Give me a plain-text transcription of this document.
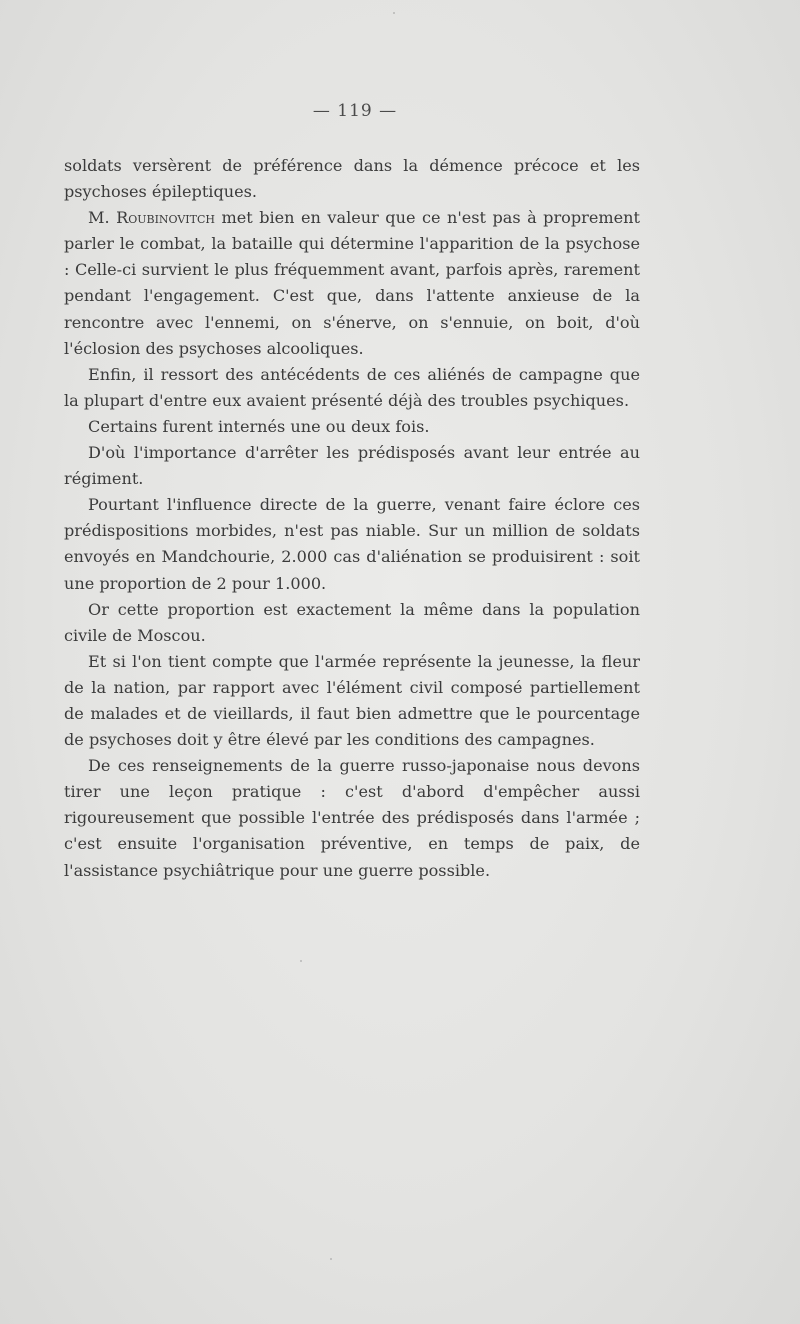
— 119 —

soldats versèrent de préférence dans la démence précoce et les psychoses épileptiques.

M. Roubinovitch met bien en valeur que ce n'est pas à proprement parler le combat, la bataille qui détermine l'apparition de la psychose : Celle-ci survient le plus fréquemment avant, parfois après, rarement pendant l'engagement. C'est que, dans l'attente anxieuse de la rencontre avec l'ennemi, on s'énerve, on s'ennuie, on boit, d'où l'éclosion des psychoses alcooliques.

Enfin, il ressort des antécédents de ces aliénés de campagne que la plupart d'entre eux avaient présenté déjà des troubles psychiques.

Certains furent internés une ou deux fois.

D'où l'importance d'arrêter les prédisposés avant leur entrée au régiment.

Pourtant l'influence directe de la guerre, venant faire éclore ces prédispositions morbides, n'est pas niable. Sur un million de soldats envoyés en Mandchourie, 2.000 cas d'aliénation se produisirent : soit une proportion de 2 pour 1.000.

Or cette proportion est exactement la même dans la population civile de Moscou.

Et si l'on tient compte que l'armée représente la jeunesse, la fleur de la nation, par rapport avec l'élément civil composé partiellement de malades et de vieillards, il faut bien admettre que le pourcentage de psychoses doit y être élevé par les conditions des campagnes.

De ces renseignements de la guerre russo-japonaise nous devons tirer une leçon pratique : c'est d'abord d'empêcher aussi rigoureusement que possible l'entrée des prédisposés dans l'armée ; c'est ensuite l'organisation préventive, en temps de paix, de l'assistance psychiâtrique pour une guerre possible.
